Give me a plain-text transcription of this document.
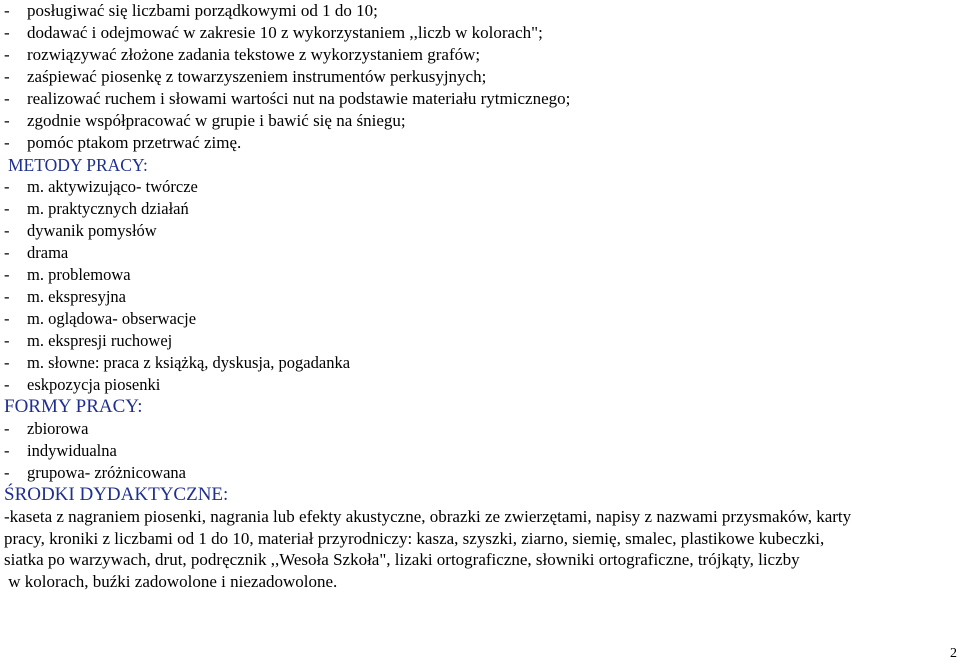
- posługiwać się liczbami porządkowymi od 1 do 10;
- dodawać i odejmować w zakresie 10 z wykorzystaniem ,,liczb w kolorach";
- rozwiązywać złożone zadania tekstowe z wykorzystaniem grafów;
- zaśpiewać piosenkę z towarzyszeniem instrumentów perkusyjnych;
- realizować ruchem i słowami wartości nut na podstawie materiału rytmicznego;
- zgodnie współpracować w grupie i bawić się na śniegu;
- pomóc ptakom przetrwać zimę.
METODY PRACY:
- m. aktywizująco- twórcze
- m. praktycznych działań
- dywanik pomysłów
- drama
- m. problemowa
- m. ekspresyjna
- m. oglądowa- obserwacje
- m. ekspresji ruchowej
- m. słowne: praca z książką, dyskusja, pogadanka
- eskpozycja piosenki
FORMY PRACY:
- zbiorowa
- indywidualna
- grupowa- zróżnicowana
ŚRODKI DYDAKTYCZNE:
-kaseta z nagraniem piosenki, nagrania lub efekty akustyczne, obrazki ze zwierzętami, napisy z nazwami przysmaków, karty
pracy, kroniki z liczbami od 1 do 10, materiał przyrodniczy: kasza, szyszki, ziarno, siemię, smalec, plastikowe kubeczki,
siatka po warzywach, drut, podręcznik ,,Wesoła Szkoła", lizaki ortograficzne, słowniki ortograficzne, trójkąty, liczby
w kolorach, buźki zadowolone i niezadowolone.
2
